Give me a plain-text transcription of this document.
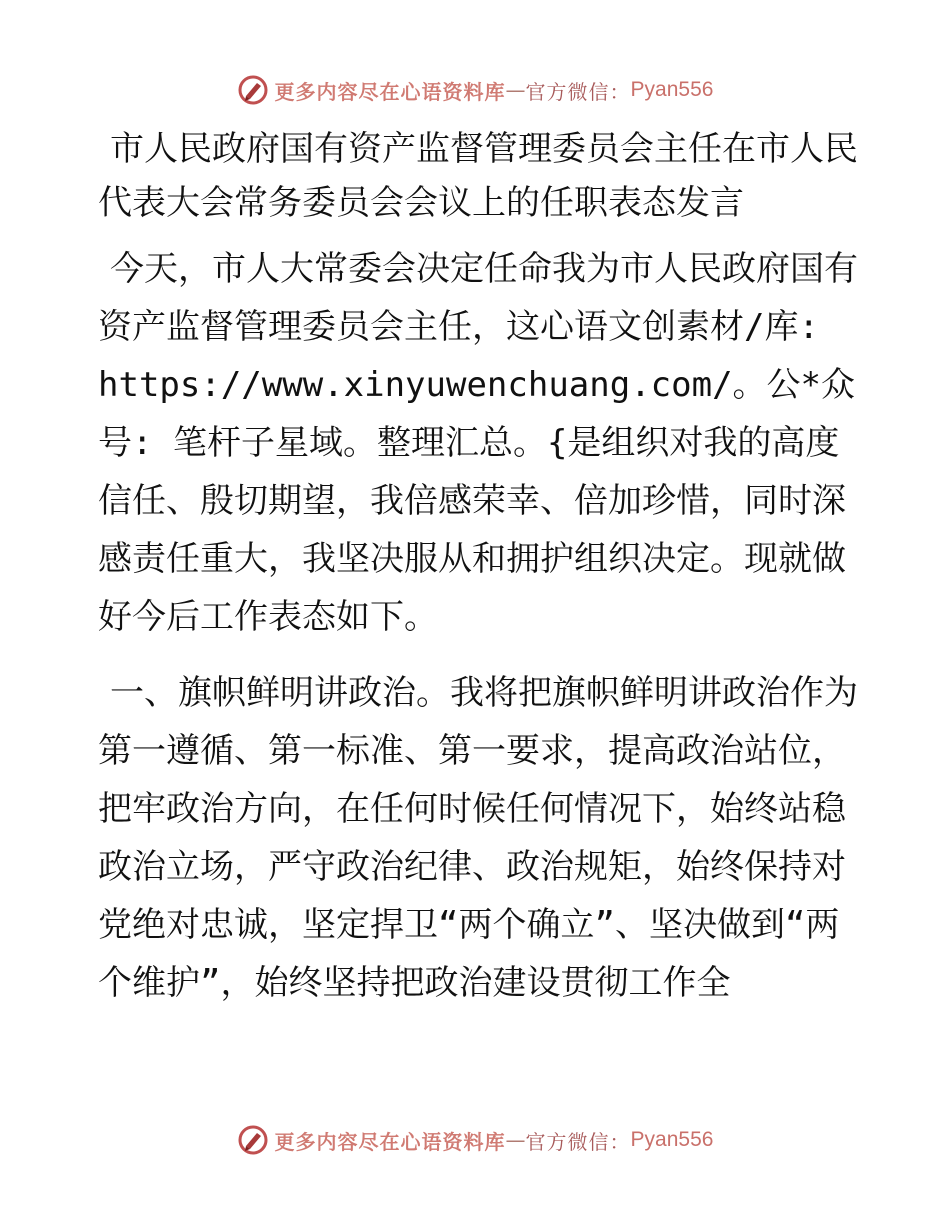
更多内容尽在心语资料库 — 官方微信： Pyan556
市人民政府国有资产监督管理委员会主任在市人民代表大会常务委员会会议上的任职表态发言

今天，市人大常委会决定任命我为市人民政府国有资产监督管理委员会主任，这心语文创素材/库: https://www.xinyuwenchuang.com/。公*众号: 笔杆子星域。整理汇总。{是组织对我的高度信任、殷切期望，我倍感荣幸、倍加珍惜，同时深感责任重大，我坚决服从和拥护组织决定。现就做好今后工作表态如下。

一、旗帜鲜明讲政治。我将把旗帜鲜明讲政治作为第一遵循、第一标准、第一要求，提高政治站位，把牢政治方向，在任何时候任何情况下，始终站稳政治立场，严守政治纪律、政治规矩，始终保持对党绝对忠诚，坚定捍卫“两个确立”、坚决做到“两个维护”，始终坚持把政治建设贯彻工作全

更多内容尽在心语资料库 — 官方微信： Pyan556
